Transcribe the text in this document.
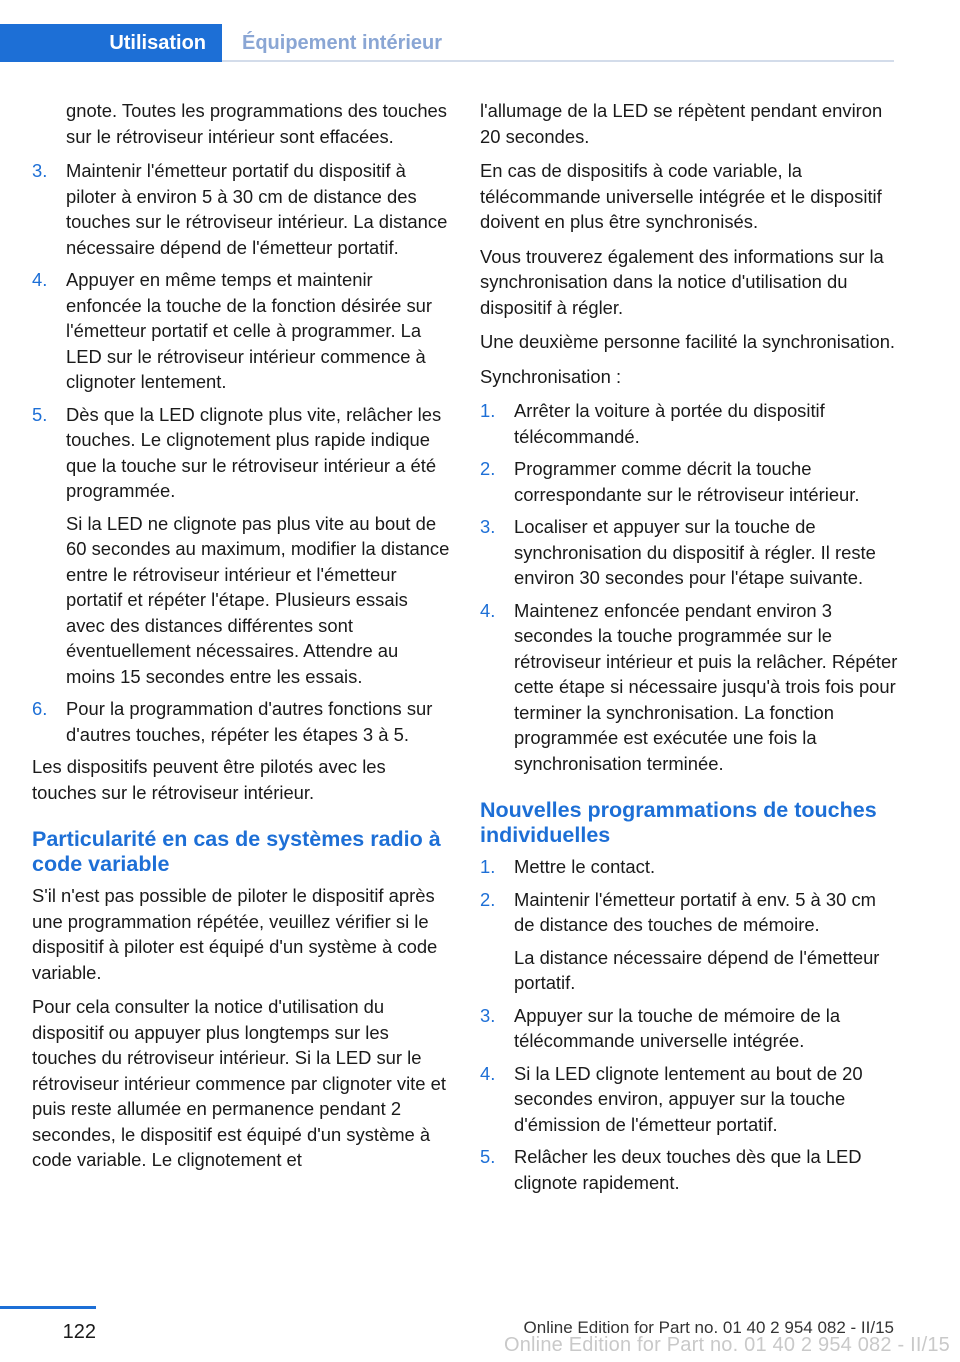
Utilisation	Équipement intérieur

gnote. Toutes les programmations des touches sur le rétroviseur intérieur sont effacées.

3.	Maintenir l'émetteur portatif du dispositif à piloter à environ 5 à 30 cm de distance des touches sur le rétroviseur intérieur. La distance nécessaire dépend de l'émetteur portatif.

4.	Appuyer en même temps et maintenir enfoncée la touche de la fonction désirée sur l'émetteur portatif et celle à programmer. La LED sur le rétroviseur intérieur commence à clignoter lentement.

5.	Dès que la LED clignote plus vite, relâcher les touches. Le clignotement plus rapide indique que la touche sur le rétroviseur intérieur a été programmée.

Si la LED ne clignote pas plus vite au bout de 60 secondes au maximum, modifier la distance entre le rétroviseur intérieur et l'émetteur portatif et répéter l'étape. Plusieurs essais avec des distances différentes sont éventuellement nécessaires. Attendre au moins 15 secondes entre les essais.

6.	Pour la programmation d'autres fonctions sur d'autres touches, répéter les étapes 3 à 5.

Les dispositifs peuvent être pilotés avec les touches sur le rétroviseur intérieur.

Particularité en cas de systèmes radio à code variable

S'il n'est pas possible de piloter le dispositif après une programmation répétée, veuillez vérifier si le dispositif à piloter est équipé d'un système à code variable.

Pour cela consulter la notice d'utilisation du dispositif ou appuyer plus longtemps sur les touches du rétroviseur intérieur. Si la LED sur le rétroviseur intérieur commence par clignoter vite et puis reste allumée en permanence pendant 2 secondes, le dispositif est équipé d'un système à code variable. Le clignotement et

l'allumage de la LED se répètent pendant environ 20 secondes.

En cas de dispositifs à code variable, la télécommande universelle intégrée et le dispositif doivent en plus être synchronisés.

Vous trouverez également des informations sur la synchronisation dans la notice d'utilisation du dispositif à régler.

Une deuxième personne facilité la synchronisation.

Synchronisation :

1.	Arrêter la voiture à portée du dispositif télécommandé.

2.	Programmer comme décrit la touche correspondante sur le rétroviseur intérieur.

3.	Localiser et appuyer sur la touche de synchronisation du dispositif à régler. Il reste environ 30 secondes pour l'étape suivante.

4.	Maintenez enfoncée pendant environ 3 secondes la touche programmée sur le rétroviseur intérieur et puis la relâcher. Répéter cette étape si nécessaire jusqu'à trois fois pour terminer la synchronisation. La fonction programmée est exécutée une fois la synchronisation terminée.

Nouvelles programmations de touches individuelles
1.	Mettre le contact.

2.	Maintenir l'émetteur portatif à env. 5 à 30 cm de distance des touches de mémoire.

La distance nécessaire dépend de l'émetteur portatif.

3.	Appuyer sur la touche de mémoire de la télécommande universelle intégrée.

4.	Si la LED clignote lentement au bout de 20 secondes environ, appuyer sur la touche d'émission de l'émetteur portatif.

5.	Relâcher les deux touches dès que la LED clignote rapidement.

122	Online Edition for Part no. 01 40 2 954 082 - II/15
Online Edition for Part no. 01 40 2 954 082 - II/15
